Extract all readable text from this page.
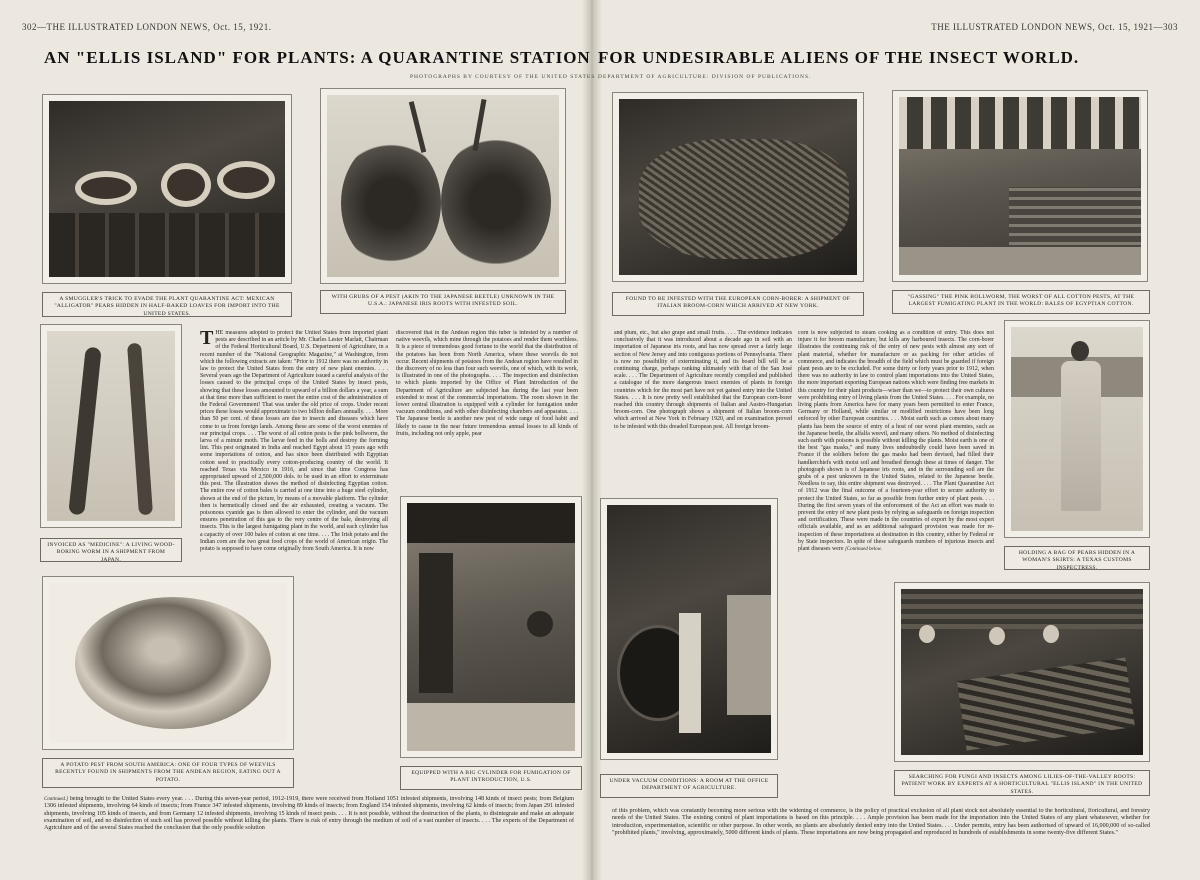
302—THE ILLUSTRATED LONDON NEWS, Oct. 15, 1921.	THE ILLUSTRATED LONDON NEWS, Oct. 15, 1921—303
AN "ELLIS ISLAND" FOR PLANTS: A QUARANTINE STATION FOR UNDESIRABLE ALIENS OF THE INSECT WORLD.
PHOTOGRAPHS BY COURTESY OF THE UNITED STATES DEPARTMENT OF AGRICULTURE: DIVISION OF PUBLICATIONS.
A SMUGGLER'S TRICK TO EVADE THE PLANT QUARANTINE ACT: MEXICAN "ALLIGATOR" PEARS HIDDEN IN HALF-BAKED LOAVES FOR IMPORT INTO THE UNITED STATES.
WITH GRUBS OF A PEST (AKIN TO THE JAPANESE BEETLE) UNKNOWN IN THE U.S.A.: JAPANESE IRIS ROOTS WITH INFESTED SOIL.
INVOICED AS "MEDICINE": A LIVING WOOD-BORING WORM IN A SHIPMENT FROM JAPAN.
A POTATO PEST FROM SOUTH AMERICA: ONE OF FOUR TYPES OF WEEVILS RECENTLY FOUND IN SHIPMENTS FROM THE ANDEAN REGION, EATING OUT A POTATO.
EQUIPPED WITH A BIG CYLINDER FOR FUMIGATION OF PLANT INTRODUCTION, U.S.
THE measures adopted to protect the United States from imported plant pests are described in an article by Mr. Charles Lester Marlatt, Chairman of the Federal Horticultural Board, U.S. Department of Agriculture, in a recent number of the "National Geographic Magazine," at Washington, from which the following extracts are taken: "Prior to 1912 there was no authority in law to protect the United States from the entry of new plant enemies. . . . Several years ago the Department of Agriculture issued a careful analysis of the losses caused to the principal crops of the United States by insect pests, showing that these losses amounted to upward of a billion dollars a year, a sum at that time more than sufficient to meet the entire cost of the administration of the Federal Government! That was under the old price of crops. Under recent prices these losses would approximate to two billion dollars annually. . . . More than 50 per cent. of these losses are due to insects and diseases which have come to us from foreign lands. Among these are some of the worst enemies of our principal crops. . . . The worst of all cotton pests is the pink bollworm, the larva of a minute moth. The larvæ feed in the bolls and destroy the forming lint. This pest originated in India and reached Egypt about 15 years ago with some importations of cotton, and has since been distributed with Egyptian cotton seed to practically every cotton-producing country of the world. It reached Texas via Mexico in 1916, and since that time Congress has appropriated upward of 2,500,000 dols. to be used in an effort to exterminate this pest. The illustration shows the method of disinfecting Egyptian cotton. The entire row of cotton bales is carried at one time into a huge steel cylinder, shown at the end of the picture, by means of a movable platform. The cylinder then is hermetically closed and the air exhausted, creating a vacuum. The poisonous cyanide gas is then allowed to enter the cylinder, and the vacuum ensures penetration of this gas to the very centre of the bale, destroying all insects. This is the largest fumigating plant in the world, and each cylinder has a capacity of over 100 bales of cotton at one time. . . . The Irish potato and the Indian corn are the two great food crops of the world of American origin. The potato is supposed to have come originally from South America. It is now
discovered that in the Andean region this tuber is infested by a number of native weevils, which mine through the potatoes and render them worthless. It is a piece of tremendous good fortune to the world that the distribution of the potatoes has been from North America, where these weevils do not occur. Recent shipments of potatoes from the Andean region have resulted in the discovery of no less than four such weevils, one of which, with its work, is illustrated in one of the photographs. . . . The inspection and disinfection to which plants imported by the Office of Plant Introduction of the Department of Agriculture are subjected has during the last year been extended to most of the commercial importations. The room shown in the lower central illustration is equipped with a cylinder for fumigation under vacuum conditions, and with other disinfecting chambers and apparatus. . . . The Japanese beetle is another new pest of wide range of food habit and likely to cause in the near future tremendous annual losses to all kinds of fruits, including not only apple, pear
FOUND TO BE INFESTED WITH THE EUROPEAN CORN-BORER: A SHIPMENT OF ITALIAN BROOM-CORN WHICH ARRIVED AT NEW YORK.
"GASSING" THE PINK BOLLWORM, THE WORST OF ALL COTTON PESTS, AT THE LARGEST FUMIGATING PLANT IN THE WORLD: BALES OF EGYPTIAN COTTON.
HOLDING A BAG OF PEARS HIDDEN IN A WOMAN'S SKIRTS: A TEXAS CUSTOMS INSPECTRESS.
UNDER VACUUM CONDITIONS: A ROOM AT THE OFFICE DEPARTMENT OF AGRICULTURE.
SEARCHING FOR FUNGI AND INSECTS AMONG LILIES-OF-THE-VALLEY ROOTS: PATIENT WORK BY EXPERTS AT A HORTICULTURAL "ELLIS ISLAND" IN THE UNITED STATES.
and plum, etc., but also grape and small fruits. . . . The evidence indicates conclusively that it was introduced about a decade ago in soil with an importation of Japanese iris roots, and has now spread over a fairly large section of New Jersey and into contiguous portions of Pennsylvania. There is now no possibility of exterminating it, and its board bill will be a continuing charge, perhaps ranking ultimately with that of the San José scale. . . . The Department of Agriculture recently compiled and published a catalogue of the more dangerous insect enemies of plants in foreign countries which for the most part have not yet gained entry into the United States. . . . It is now pretty well established that the European corn-borer reached this country through shipments of Italian and Austro-Hungarian broom-corn. One photograph shows a shipment of Italian broom-corn which arrived at New York in February 1920, and on examination proved to be infested with this dreaded European pest. All foreign broom-
corn is now subjected to steam cooking as a condition of entry. This does not injure it for broom manufacture, but kills any harboured insects. The corn-borer illustrates the continuing risk of the entry of new pests with almost any sort of plant material, whether for manufacture or as packing for other articles of commerce, and indicates the breadth of the field which must be guarded if foreign plant pests are to be excluded. For some thirty or forty years prior to 1912, when there was no authority in law to control plant importations into the United States, the more important exporting European nations which were finding free markets in this country for their plant products—wiser than we—to protect their own cultures were prohibiting entry of living plants from the United States. . . . For example, no living plants from America have for many years been permitted to enter France, Germany or Holland, while similar or modified restrictions have been long enforced by other European countries. . . . Moist earth such as comes about many plants has been the source of entry of a host of our worst plant enemies, such as the Japanese beetle, the alfalfa weevil, and many others. No method of disinfecting such earth with poisons is possible without killing the plants. Moist earth is one of the best "gas masks," and many lives undoubtedly could have been saved in France if the soldiers before the gas masks had been devised, had filled their handkerchiefs with moist soil and breathed through these at times of danger. The photograph shown is of Japanese iris roots, and in the surrounding soil are the grubs of a pest unknown in the United States, related to the Japanese beetle. Needless to say, this entire shipment was destroyed. . . . The Plant Quarantine Act of 1912 was the final outcome of a fourteen-year effort to secure authority to protect the United States, so far as possible from further entry of plant pests. . . . During the first seven years of the enforcement of the Act an effort was made to prevent the entry of new plant pests by relying as safeguards on foreign inspection and certification. These were made in the countries of export by the most expert officials available, and as an additional safeguard provision was made for re-inspection of these importations at destination in this country, either by Federal or by State inspectors. In spite of these safeguards numbers of injurious insects and plant diseases were [Continued below.
Continued.] being brought to the United States every year. . . . During this seven-year period, 1912-1919, there were received from Holland 1051 infested shipments, involving 148 kinds of insect pests; from Belgium 1306 infested shipments, involving 64 kinds of insects; from France 347 infested shipments, involving 89 kinds of insects; from England 154 infested shipments, involving 62 kinds of insects; from Japan 291 infested shipments, involving 105 kinds of insects, and from Germany 12 infested shipments, involving 15 kinds of insect pests. . . . It is not possible, without the destruction of the plants, to disintegrate and make an adequate examination of soil, and no disinfection of such soil has proved possible without killing the plants. There is risk of entry through the medium of soil of a vast number of insects. . . . The experts of the Department of Agriculture and of the several States reached the conclusion that the only possible solution
of this problem, which was constantly becoming more serious with the widening of commerce, is the policy of practical exclusion of all plant stock not absolutely essential to the horticultural, floricultural, and forestry needs of the United States. The existing control of plant importations is based on this principle. . . . Ample provision has been made for the importation into the United States of any plant whatsoever, whether for introduction, experimentation, scientific or other purpose. In other words, no plants are absolutely denied entry into the United States. . . . Under permits, entry has been authorised of upward of 16,000,000 of so-called "prohibited plants," involving, approximately, 5000 different kinds of plants. These importations are now being propagated and reproduced in hundreds of establishments in some twenty-five different States."
